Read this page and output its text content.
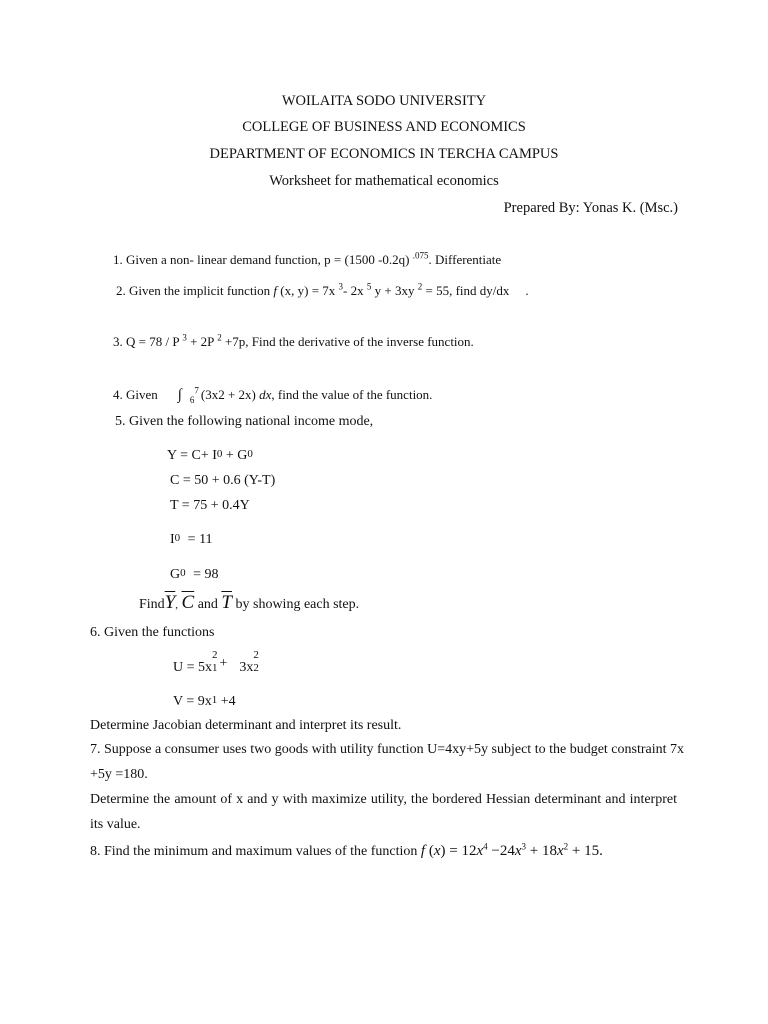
WOILAITA SODO UNIVERSITY
COLLEGE OF BUSINESS AND ECONOMICS
DEPARTMENT OF ECONOMICS IN TERCHA CAMPUS
Worksheet for mathematical economics
Prepared By: Yonas K. (Msc.)
1. Given a non- linear demand function, p = (1500 -0.2q) $^{.075}$. Differentiate
2. Given the implicit function f (x, y) = 7x $^3$- 2x $^5$ y + 3xy $^2$ = 55, find dy/dx .
3. Q = 78 / P $^3$ + 2P $^2$ +7p, Find the derivative of the inverse function.
4. Given ∫ $_6^7$ (3x2 + 2x) dx, find the value of the function.
5. Given the following national income mode,
Y = C+ I0 + G0
C = 50 + 0.6 (Y-T)
T = 75 + 0.4Y
I0 = 11
G0 = 98
$Find\overline{Y}$, $\overline{C}$ and $\overline{T}$ by showing each step.
6. Given the functions
U = 5x
2
1 + 3x
2
2
V = 9x1 +4
Determine Jacobian determinant and interpret its result.
7. Suppose a consumer uses two goods with utility function U=4xy+5y subject to the budget constraint 7x
+5y =180.
Determine the amount of x and y with maximize utility, the bordered Hessian determinant and interpret
its value.
8. Find the minimum and maximum values of the function f $(x) = 12x^4 -24x^3 + 18x^2 + 15$.
